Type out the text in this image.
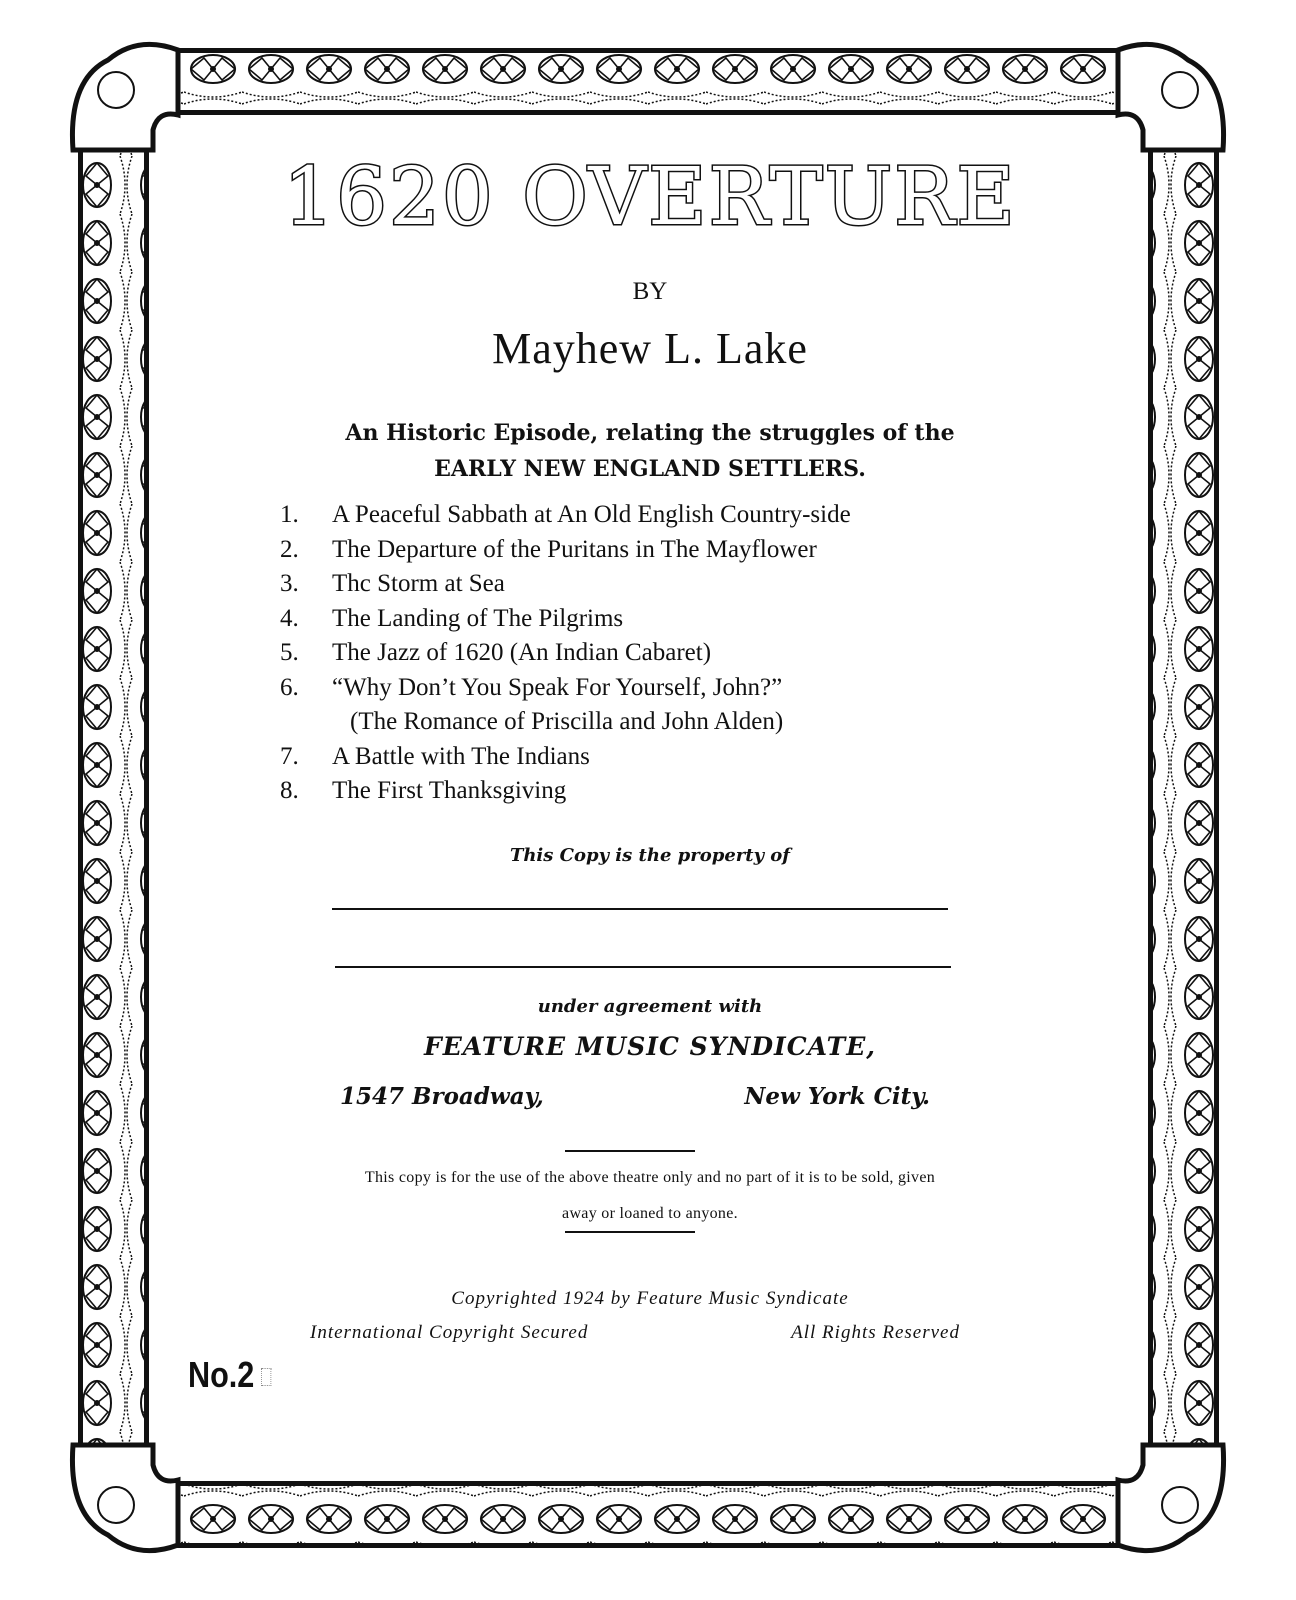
1620 OVERTURE
BY
Mayhew L. Lake
An Historic Episode, relating the struggles of the
EARLY NEW ENGLAND SETTLERS.
1.	A Peaceful Sabbath at An Old English Country-side
2.	The Departure of the Puritans in The Mayflower
3.	Thc Storm at Sea
4.	The Landing of The Pilgrims
5.	The Jazz of 1620 (An Indian Cabaret)
6.	“Why Don’t You Speak For Yourself, John?”
(The Romance of Priscilla and John Alden)
7.	A Battle with The Indians
8.	The First Thanksgiving
This Copy is the property of
under agreement with
FEATURE MUSIC SYNDICATE,
1547 Broadway,	New York City.
This copy is for the use of the above theatre only and no part of it is to be sold, given
away or loaned to anyone.
Copyrighted 1924 by Feature Music Syndicate
International Copyright Secured	All Rights Reserved
No.2
